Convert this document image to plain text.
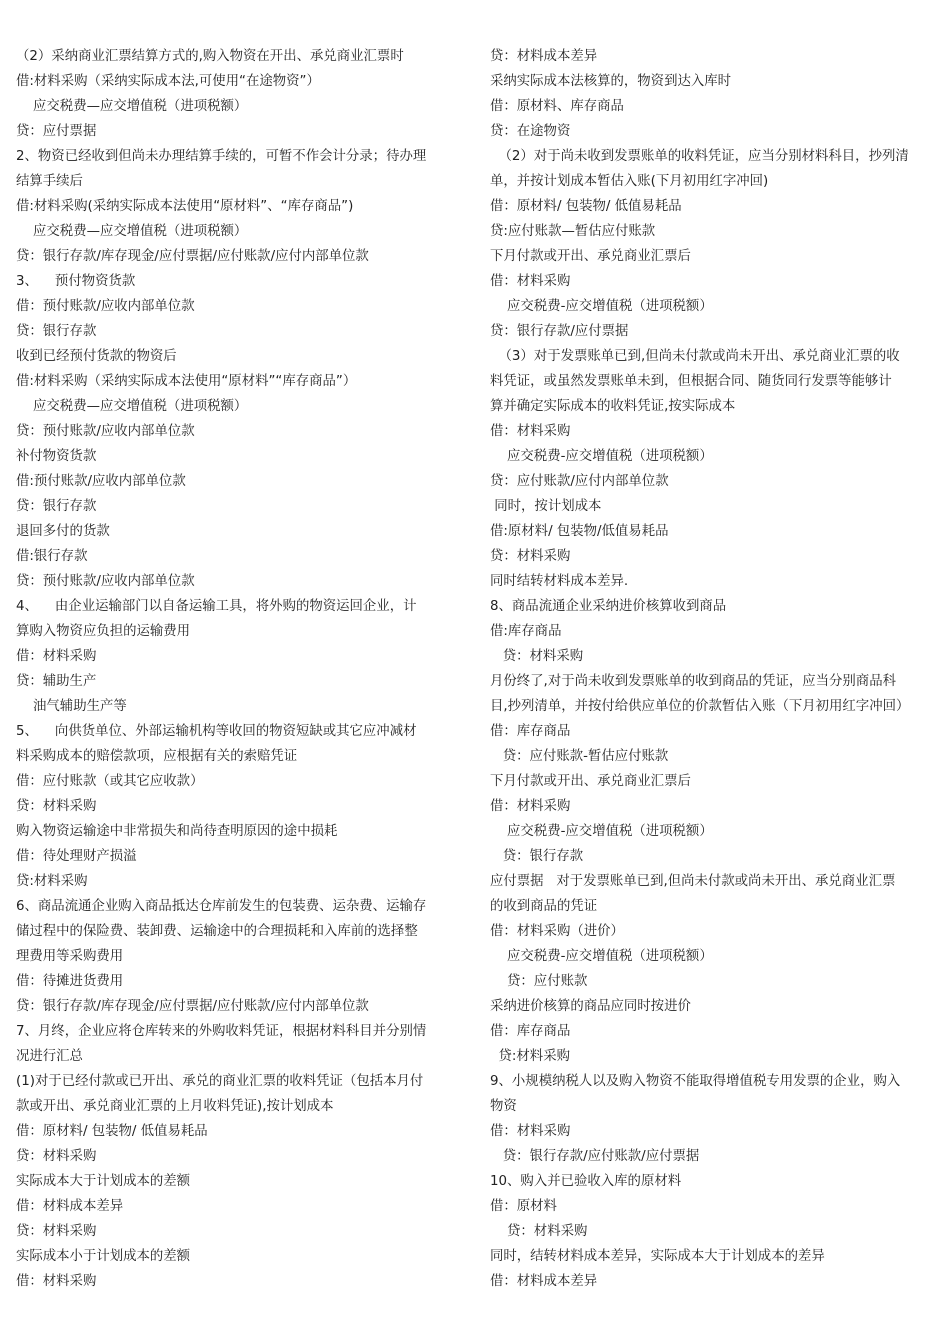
（2）采纳商业汇票结算方式的,购入物资在开出、承兑商业汇票时
借:材料采购（采纳实际成本法,可使用“在途物资”）
应交税费—应交增值税（进项税额）
贷：应付票据
2、物资已经收到但尚未办理结算手续的，可暂不作会计分录；待办理
结算手续后
借:材料采购(采纳实际成本法使用“原材料”、“库存商品”)
应交税费—应交增值税（进项税额）
贷：银行存款/库存现金/应付票据/应付账款/应付内部单位款
3、    预付物资货款
借：预付账款/应收内部单位款
贷：银行存款
收到已经预付货款的物资后
借:材料采购（采纳实际成本法使用“原材料”“库存商品”）
应交税费—应交增值税（进项税额）
贷：预付账款/应收内部单位款
补付物资货款
借:预付账款/应收内部单位款
贷：银行存款
退回多付的货款
借:银行存款
贷：预付账款/应收内部单位款
4、    由企业运输部门以自备运输工具，将外购的物资运回企业，计
算购入物资应负担的运输费用
借：材料采购
贷：辅助生产
油气辅助生产等
5、    向供货单位、外部运输机构等收回的物资短缺或其它应冲减材
料采购成本的赔偿款项，应根据有关的索赔凭证
借：应付账款（或其它应收款）
贷：材料采购
购入物资运输途中非常损失和尚待查明原因的途中损耗
借：待处理财产损溢
贷:材料采购
6、商品流通企业购入商品抵达仓库前发生的包装费、运杂费、运输存
储过程中的保险费、装卸费、运输途中的合理损耗和入库前的选择整
理费用等采购费用
借：待摊进货费用
贷：银行存款/库存现金/应付票据/应付账款/应付内部单位款
7、月终，企业应将仓库转来的外购收料凭证，根据材料科目并分别情
况进行汇总
(1)对于已经付款或已开出、承兑的商业汇票的收料凭证（包括本月付
款或开出、承兑商业汇票的上月收料凭证),按计划成本
借：原材料/ 包装物/ 低值易耗品
贷：材料采购
实际成本大于计划成本的差额
借：材料成本差异
贷：材料采购
实际成本小于计划成本的差额
借：材料采购
贷：材料成本差异
采纳实际成本法核算的，物资到达入库时
借：原材料、库存商品
贷：在途物资
（2）对于尚未收到发票账单的收料凭证，应当分别材料科目，抄列清
单，并按计划成本暂估入账(下月初用红字冲回)
借：原材料/ 包装物/ 低值易耗品
贷:应付账款—暂估应付账款
下月付款或开出、承兑商业汇票后
借：材料采购
应交税费-应交增值税（进项税额）
贷：银行存款/应付票据
（3）对于发票账单已到,但尚未付款或尚未开出、承兑商业汇票的收
料凭证，或虽然发票账单未到，但根据合同、随货同行发票等能够计
算并确定实际成本的收料凭证,按实际成本
借：材料采购
应交税费-应交增值税（进项税额）
贷：应付账款/应付内部单位款
同时，按计划成本
借:原材料/ 包装物/低值易耗品
贷：材料采购
同时结转材料成本差异.
8、商品流通企业采纳进价核算收到商品
借:库存商品
贷：材料采购
月份终了,对于尚未收到发票账单的收到商品的凭证，应当分别商品科
目,抄列清单，并按付给供应单位的价款暂估入账（下月初用红字冲回）
借：库存商品
贷：应付账款-暂估应付账款
下月付款或开出、承兑商业汇票后
借：材料采购
应交税费-应交增值税（进项税额）
贷：银行存款
应付票据   对于发票账单已到,但尚未付款或尚未开出、承兑商业汇票
的收到商品的凭证
借：材料采购（进价）
应交税费-应交增值税（进项税额）
贷：应付账款
采纳进价核算的商品应同时按进价
借：库存商品
贷:材料采购
9、小规模纳税人以及购入物资不能取得增值税专用发票的企业，购入
物资
借：材料采购
贷：银行存款/应付账款/应付票据
10、购入并已验收入库的原材料
借：原材料
贷：材料采购
同时，结转材料成本差异，实际成本大于计划成本的差异
借：材料成本差异
